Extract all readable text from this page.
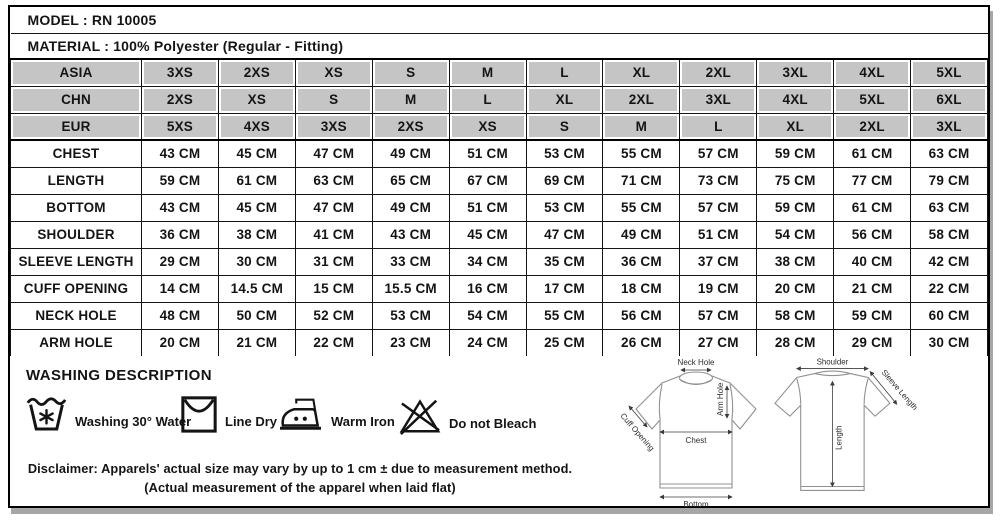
MODEL : RN 10005											
MATERIAL : 100% Polyester (Regular - Fitting)											
ASIA	3XS	2XS	XS	S	M	L	XL	2XL	3XL	4XL	5XL
CHN	2XS	XS	S	M	L	XL	2XL	3XL	4XL	5XL	6XL
EUR	5XS	4XS	3XS	2XS	XS	S	M	L	XL	2XL	3XL
CHEST	43 CM	45 CM	47 CM	49 CM	51 CM	53 CM	55 CM	57 CM	59 CM	61 CM	63 CM
LENGTH	59 CM	61 CM	63 CM	65 CM	67 CM	69 CM	71 CM	73 CM	75 CM	77 CM	79 CM
BOTTOM	43 CM	45 CM	47 CM	49 CM	51 CM	53 CM	55 CM	57 CM	59 CM	61 CM	63 CM
SHOULDER	36 CM	38 CM	41 CM	43 CM	45 CM	47 CM	49 CM	51 CM	54 CM	56 CM	58 CM
SLEEVE LENGTH	29 CM	30 CM	31 CM	33 CM	34 CM	35 CM	36 CM	37 CM	38 CM	40 CM	42 CM
CUFF OPENING	14 CM	14.5 CM	15 CM	15.5 CM	16 CM	17 CM	18 CM	19 CM	20 CM	21 CM	22 CM
NECK HOLE	48 CM	50 CM	52 CM	53 CM	54 CM	55 CM	56 CM	57 CM	58 CM	59 CM	60 CM
ARM HOLE	20 CM	21 CM	22 CM	23 CM	24 CM	25 CM	26 CM	27 CM	28 CM	29 CM	30 CM
WASHING DESCRIPTION
Washing 30° Water	Line Dry	Warm Iron	Do not Bleach
Disclaimer: Apparels' actual size may vary by up to 1 cm ± due to measurement method.
(Actual measurement of the apparel when laid flat)
Neck Hole
Arm Hole
Cuff Opening	Chest
Bottom
Shoulder
Sleeve Length
Length
